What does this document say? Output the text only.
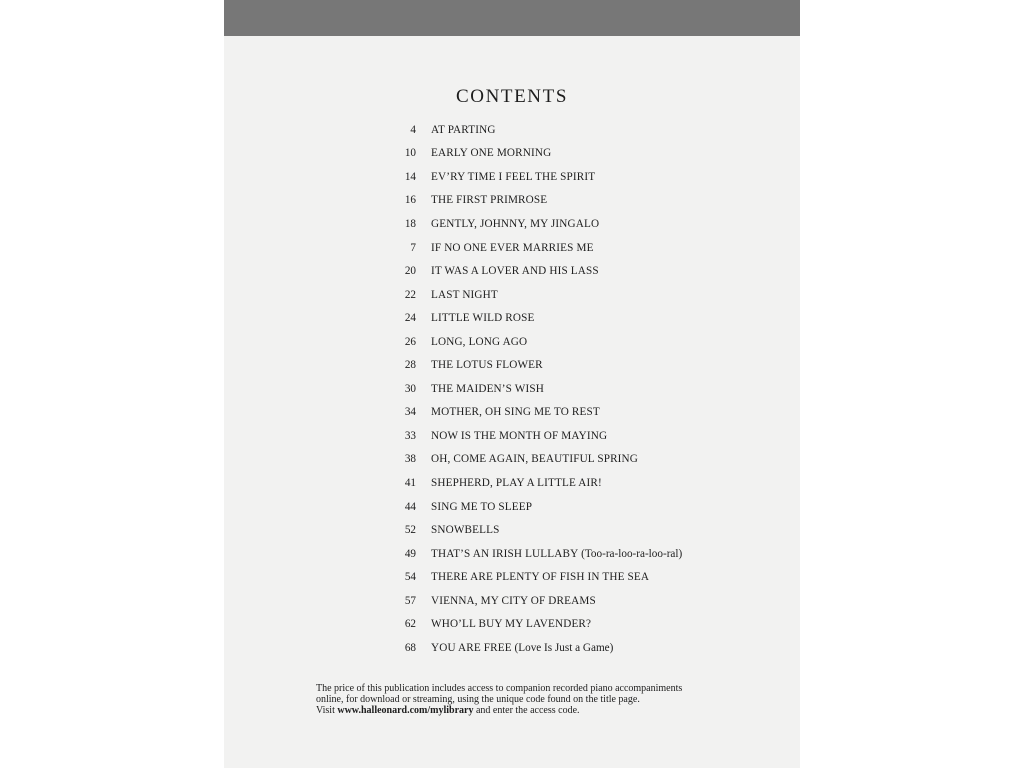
CONTENTS
4	AT PARTING
10	EARLY ONE MORNING
14	EV’RY TIME I FEEL THE SPIRIT
16	THE FIRST PRIMROSE
18	GENTLY, JOHNNY, MY JINGALO
7	IF NO ONE EVER MARRIES ME
20	IT WAS A LOVER AND HIS LASS
22	LAST NIGHT
24	LITTLE WILD ROSE
26	LONG, LONG AGO
28	THE LOTUS FLOWER
30	THE MAIDEN’S WISH
34	MOTHER, OH SING ME TO REST
33	NOW IS THE MONTH OF MAYING
38	OH, COME AGAIN, BEAUTIFUL SPRING
41	SHEPHERD, PLAY A LITTLE AIR!
44	SING ME TO SLEEP
52	SNOWBELLS
49	THAT’S AN IRISH LULLABY
(Too-ra-loo-ra-loo-ral)
54	THERE ARE PLENTY OF FISH IN THE SEA
57	VIENNA, MY CITY OF DREAMS
62	WHO’LL BUY MY LAVENDER?
68	YOU ARE FREE
(Love Is Just a Game)
The price of this publication includes access to companion recorded piano accompaniments
online, for download or streaming, using the unique code found on the title page.
Visit www.halleonard.com/mylibrary and enter the access code.
